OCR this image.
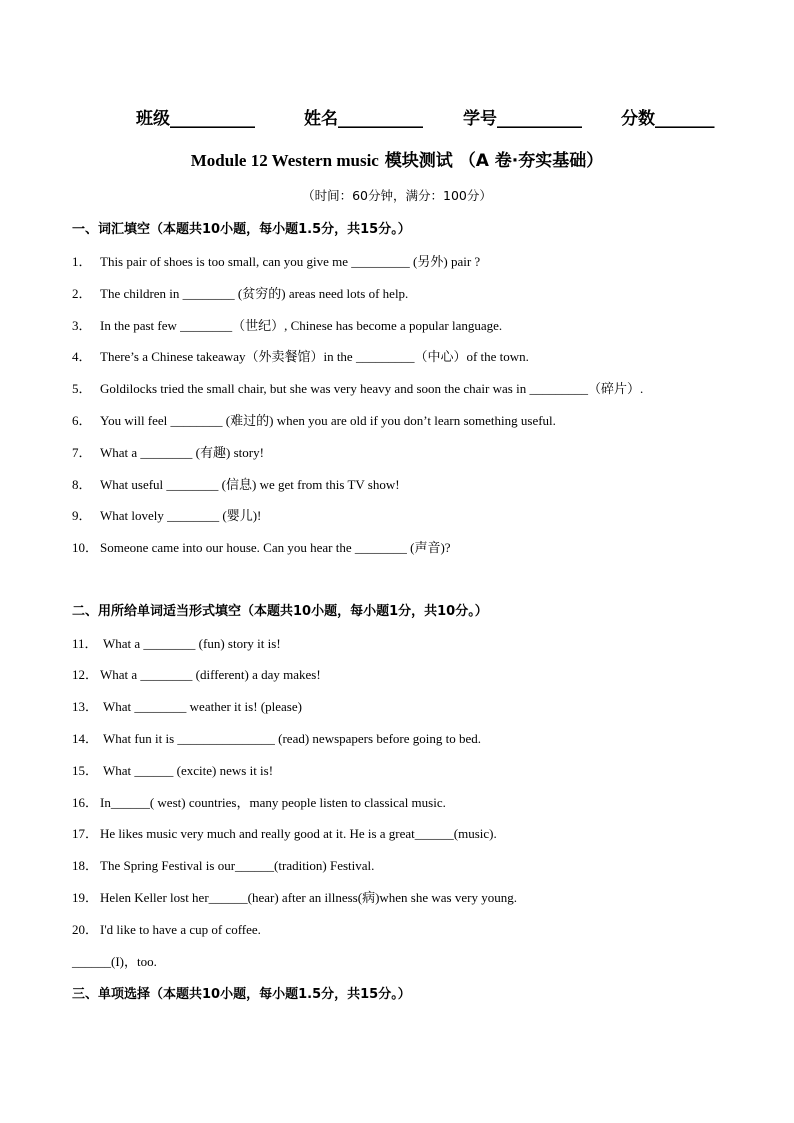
班级__________	姓名__________ 学号__________ 分数_______
Module 12 Western music 模块测试 （A 卷·夯实基础）
（时间：60分钟，满分：100分）
一、词汇填空（本题共10小题，每小题1.5分，共15分。）
1． This pair of shoes is too small, can you give me _________ (另外) pair ?
2． The children in ________ (贫穷的) areas need lots of help.
3． In the past few ________（世纪）, Chinese has become a popular language.
4． There’s a Chinese takeaway（外卖餐馆）in the _________（中心）of the town.
5． Goldilocks tried the small chair, but she was very heavy and soon the chair was in _________（碎片）.
6． You will feel ________ (难过的) when you are old if you don’t learn something useful.
7． What a ________ (有趣) story!
8． What useful ________ (信息) we get from this TV show!
9． What lovely ________ (婴儿)!
10． Someone came into our house. Can you hear the ________ (声音)?
二、用所给单词适当形式填空（本题共10小题，每小题1分，共10分。）
11． What a ________ (fun) story it is!
12． What a ________ (different) a day makes!
13． What ________ weather it is! (please)
14． What fun it is _______________ (read) newspapers before going to bed.
15． What ______ (excite) news it is!
16． In______( west) countries，many people listen to classical music.
17． He likes music very much and really good at it. He is a great______(music).
18． The Spring Festival is our______(tradition) Festival.
19． Helen Keller lost her______(hear) after an illness(病)when she was very young.
20． I'd like to have a cup of coffee.
______(I)，too.
三、单项选择（本题共10小题，每小题1.5分，共15分。）
